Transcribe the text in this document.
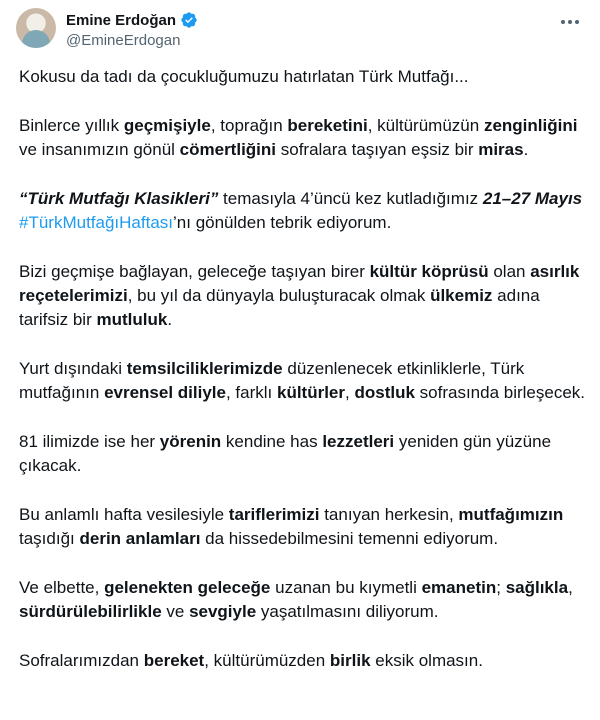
Emine Erdoğan
@EmineErdogan

Kokusu da tadı da çocukluğumuzu hatırlatan Türk Mutfağı...

Binlerce yıllık geçmişiyle, toprağın bereketini, kültürümüzün zenginliğini ve insanımızın gönül cömertliğini sofralara taşıyan eşsiz bir miras.

“Türk Mutfağı Klasikleri” temasıyla 4’üncü kez kutladığımız 21–27 Mayıs #TürkMutfağıHaftası’nı gönülden tebrik ediyorum.

Bizi geçmişe bağlayan, geleceğe taşıyan birer kültür köprüsü olan asırlık reçetelerimizi, bu yıl da dünyayla buluşturacak olmak ülkemiz adına tarifsiz bir mutluluk.

Yurt dışındaki temsilciliklerimizde düzenlenecek etkinliklerle, Türk mutfağının evrensel diliyle, farklı kültürler, dostluk sofrasında birleşecek.

81 ilimizde ise her yörenin kendine has lezzetleri yeniden gün yüzüne çıkacak.

Bu anlamlı hafta vesilesiyle tariflerimizi tanıyan herkesin, mutfağımızın taşıdığı derin anlamları da hissedebilmesini temenni ediyorum.

Ve elbette, gelenekten geleceğe uzanan bu kıymetli emanetin; sağlıkla, sürdürülebilirlikle ve sevgiyle yaşatılmasını diliyorum.

Sofralarımızdan bereket, kültürümüzden birlik eksik olmasın.
